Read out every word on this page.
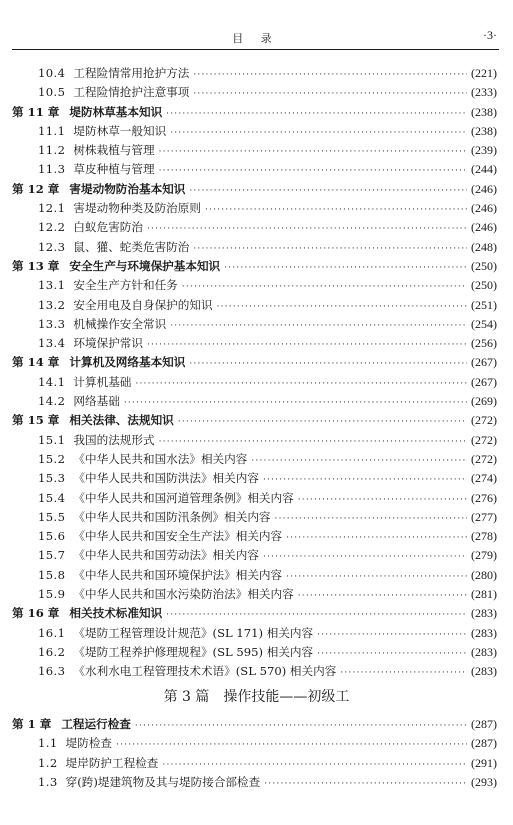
目 录	·3·
10.4 工程险情常用抢护方法 ·····	(221)
10.5 工程险情抢护注意事项 ·····	(233)
第 11 章 堤防林草基本知识 ·····	(238)
11.1 堤防林草一般知识 ·····	(238)
11.2 树株栽植与管理 ·····	(239)
11.3 草皮种植与管理 ·····	(244)
第 12 章 害堤动物防治基本知识 ·····	(246)
12.1 害堤动物种类及防治原则 ·····	(246)
12.2 白蚁危害防治 ·····	(246)
12.3 鼠、獾、蛇类危害防治 ·····	(248)
第 13 章 安全生产与环境保护基本知识 ·····	(250)
13.1 安全生产方针和任务 ·····	(250)
13.2 安全用电及自身保护的知识 ·····	(251)
13.3 机械操作安全常识 ·····	(254)
13.4 环境保护常识 ·····	(256)
第 14 章 计算机及网络基本知识 ·····	(267)
14.1 计算机基础 ·····	(267)
14.2 网络基础 ·····	(269)
第 15 章 相关法律、法规知识 ·····	(272)
15.1 我国的法规形式 ·····	(272)
15.2 《中华人民共和国水法》相关内容 ·····	(272)
15.3 《中华人民共和国防洪法》相关内容 ·····	(274)
15.4 《中华人民共和国河道管理条例》相关内容 ·····	(276)
15.5 《中华人民共和国防汛条例》相关内容 ·····	(277)
15.6 《中华人民共和国安全生产法》相关内容 ·····	(278)
15.7 《中华人民共和国劳动法》相关内容 ·····	(279)
15.8 《中华人民共和国环境保护法》相关内容 ·····	(280)
15.9 《中华人民共和国水污染防治法》相关内容 ·····	(281)
第 16 章 相关技术标准知识 ·····	(283)
16.1 《堤防工程管理设计规范》(SL 171) 相关内容 ·····	(283)
16.2 《堤防工程养护修理规程》(SL 595) 相关内容 ·····	(283)
16.3 《水利水电工程管理技术术语》(SL 570) 相关内容 ·····	(283)
第 3 篇　操作技能——初级工
第 1 章 工程运行检查 ·····	(287)
1.1 堤防检查 ·····	(287)
1.2 堤岸防护工程检查 ·····	(291)
1.3 穿(跨)堤建筑物及其与堤防接合部检查 ·····	(293)
